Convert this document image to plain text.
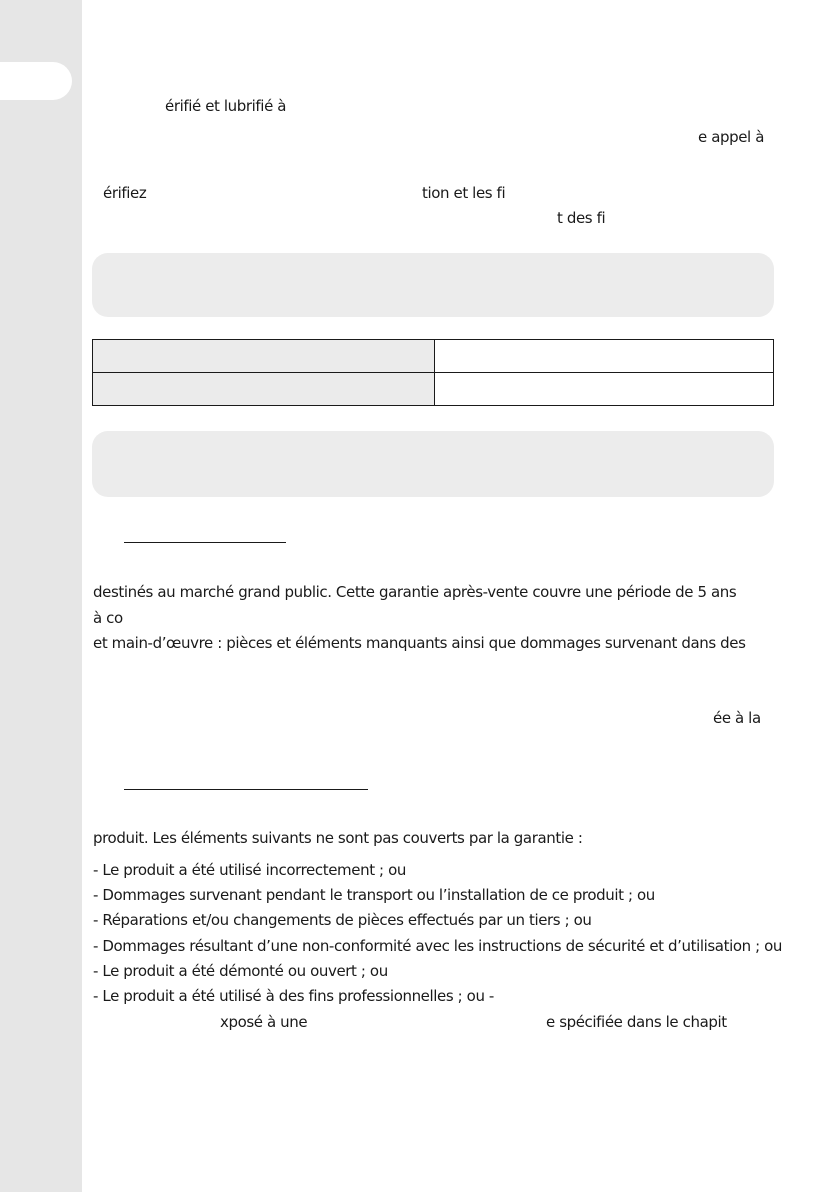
érifié et lubrifié à
e appel à
érifiez	tion et les fi
t des fi

destinés au marché grand public. Cette garantie après-vente couvre une période de 5 ans
à co
et main-d’œuvre : pièces et éléments manquants ainsi que dommages survenant dans des
ée à la
produit. Les éléments suivants ne sont pas couverts par la garantie :
- Le produit a été utilisé incorrectement ; ou
- Dommages survenant pendant le transport ou l’installation de ce produit ; ou
- Réparations et/ou changements de pièces effectués par un tiers ; ou
- Dommages résultant d’une non-conformité avec les instructions de sécurité et d’utilisation ; ou
- Le produit a été démonté ou ouvert ; ou
- Le produit a été utilisé à des fins professionnelles ; ou -
xposé à une	e spécifiée dans le chapit
